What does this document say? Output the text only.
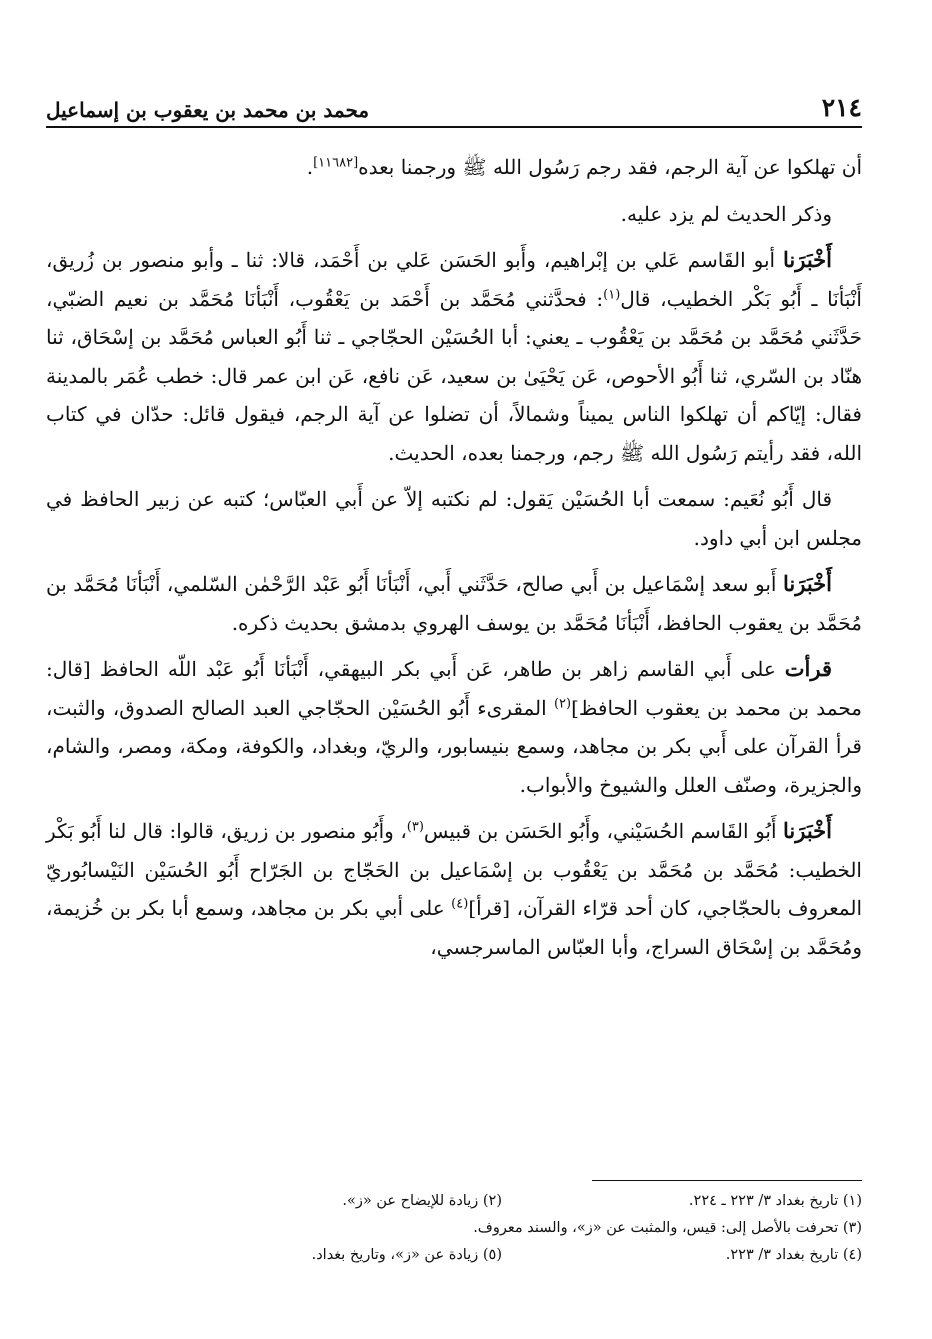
٢١٤
محمد بن محمد بن يعقوب بن إسماعيل

أن تهلكوا عن آية الرجم، فقد رجم رَسُول الله ﷺ ورجمنا بعده[١١٦٨٢].

وذكر الحديث لم يزد عليه.

أَخْبَرَنا أبو القَاسم عَلي بن إبْراهيم، وأَبو الحَسَن عَلي بن أَحْمَد، قالا: ثنا ـ وأبو منصور بن زُريق، أَنْبَأنَا ـ أَبُو بَكْر الخطيب، قال$^{(١)}$: فحدَّثني مُحَمَّد بن أَحْمَد بن يَعْقُوب، أَنْبَأنَا مُحَمَّد بن نعيم الضبّي، حَدَّثَني مُحَمَّد بن مُحَمَّد بن يَعْقُوب ـ يعني: أبا الحُسَيْن الحجّاجي ـ ثنا أَبُو العباس مُحَمَّد بن إسْحَاق، ثنا هنّاد بن السّري، ثنا أَبُو الأحوص، عَن يَحْيَىٰ بن سعيد، عَن نافع، عَن ابن عمر قال: خطب عُمَر بالمدينة فقال: إيّاكم أن تهلكوا الناس يميناً وشمالاً، أن تضلوا عن آية الرجم، فيقول قائل: حدّان في كتاب الله، فقد رأيتم رَسُول الله ﷺ رجم، ورجمنا بعده، الحديث.

قال أَبُو نُعَيم: سمعت أبا الحُسَيْن يَقول: لم نكتبه إلاّ عن أَبي العبّاس؛ كتبه عن زبير الحافظ في مجلس ابن أبي داود.

أَخْبَرَنا أَبو سعد إسْمَاعيل بن أَبي صالح، حَدَّثَني أَبي، أَنْبَأنَا أَبُو عَبْد الرَّحْمٰن السّلمي، أَنْبَأنَا مُحَمَّد بن مُحَمَّد بن يعقوب الحافظ، أَنْبَأنَا مُحَمَّد بن يوسف الهروي بدمشق بحديث ذكره.

قرأت على أَبي القاسم زاهر بن طاهر، عَن أَبي بكر البيهقي، أَنْبَأنَا أَبُو عَبْد اللّه الحافظ [قال: محمد بن محمد بن يعقوب الحافظ]$^{(٢)}$ المقرىء أَبُو الحُسَيْن الحجّاجي العبد الصالح الصدوق، والثبت، قرأ القرآن على أَبي بكر بن مجاهد، وسمع بنيسابور، والريّ، وبغداد، والكوفة، ومكة، ومصر، والشام، والجزيرة، وصنّف العلل والشيوخ والأبواب.

أَخْبَرَنا أَبُو القَاسم الحُسَيْني، وأَبُو الحَسَن بن قبيس$^{(٣)}$، وأَبُو منصور بن زريق، قالوا: قال لنا أَبُو بَكْر الخطيب: مُحَمَّد بن مُحَمَّد بن يَعْقُوب بن إسْمَاعيل بن الحَجّاج بن الجَرّاح أَبُو الحُسَيْن النَيْسابُوريّ المعروف بالحجّاجي، كان أحد قرّاء القرآن، [قرأ]$^{(٤)}$ على أبي بكر بن مجاهد، وسمع أبا بكر بن خُزيمة، ومُحَمَّد بن إسْحَاق السراج، وأبا العبّاس الماسرجسي،

(١) تاريخ بغداد ٣/ ٢٢٣ ـ ٢٢٤.
(٢) زيادة للإيضاح عن «ز».
(٣) تحرفت بالأصل إلى: قيس، والمثبت عن «ز»، والسند معروف.
(٤) تاريخ بغداد ٣/ ٢٢٣.
(٥) زيادة عن «ز»، وتاريخ بغداد.
